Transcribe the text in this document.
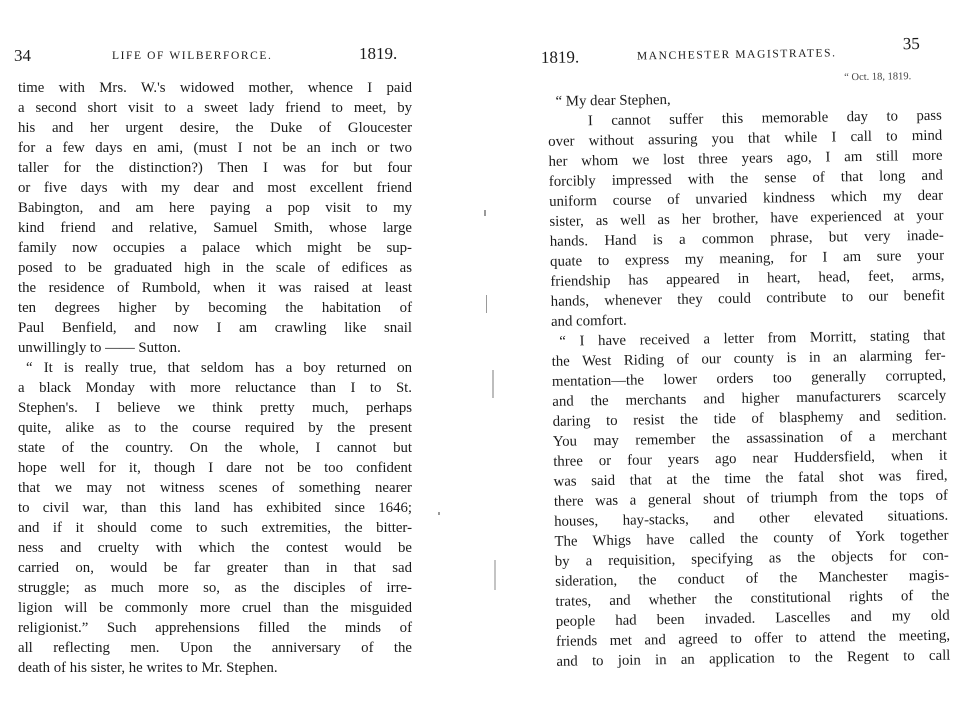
34	LIFE OF WILBERFORCE.	1819.
time with Mrs. W.'s widowed mother, whence I paid
a second short visit to a sweet lady friend to meet, by
his and her urgent desire, the Duke of Gloucester
for a few days en ami, (must I not be an inch or two
taller for the distinction?) Then I was for but four
or five days with my dear and most excellent friend
Babington, and am here paying a pop visit to my
kind friend and relative, Samuel Smith, whose large
family now occupies a palace which might be sup-
posed to be graduated high in the scale of edifices as
the residence of Rumbold, when it was raised at least
ten degrees higher by becoming the habitation of
Paul Benfield, and now I am crawling like snail
unwillingly to —— Sutton.
“ It is really true, that seldom has a boy returned on
a black Monday with more reluctance than I to St.
Stephen's. I believe we think pretty much, perhaps
quite, alike as to the course required by the present
state of the country. On the whole, I cannot but
hope well for it, though I dare not be too confident
that we may not witness scenes of something nearer
to civil war, than this land has exhibited since 1646;
and if it should come to such extremities, the bitter-
ness and cruelty with which the contest would be
carried on, would be far greater than in that sad
struggle; as much more so, as the disciples of irre-
ligion will be commonly more cruel than the misguided
religionist.” Such apprehensions filled the minds of
all reflecting men. Upon the anniversary of the
death of his sister, he writes to Mr. Stephen.
1819.	MANCHESTER MAGISTRATES.
35
“ Oct. 18, 1819.
“ My dear Stephen,
I cannot suffer this memorable day to pass
over without assuring you that while I call to mind
her whom we lost three years ago, I am still more
forcibly impressed with the sense of that long and
uniform course of unvaried kindness which my dear
sister, as well as her brother, have experienced at your
hands. Hand is a common phrase, but very inade-
quate to express my meaning, for I am sure your
friendship has appeared in heart, head, feet, arms,
hands, whenever they could contribute to our benefit
and comfort.
“ I have received a letter from Morritt, stating that
the West Riding of our county is in an alarming fer-
mentation—the lower orders too generally corrupted,
and the merchants and higher manufacturers scarcely
daring to resist the tide of blasphemy and sedition.
You may remember the assassination of a merchant
three or four years ago near Huddersfield, when it
was said that at the time the fatal shot was fired,
there was a general shout of triumph from the tops of
houses, hay-stacks, and other elevated situations.
The Whigs have called the county of York together
by a requisition, specifying as the objects for con-
sideration, the conduct of the Manchester magis-
trates, and whether the constitutional rights of the
people had been invaded. Lascelles and my old
friends met and agreed to offer to attend the meeting,
and to join in an application to the Regent to call
